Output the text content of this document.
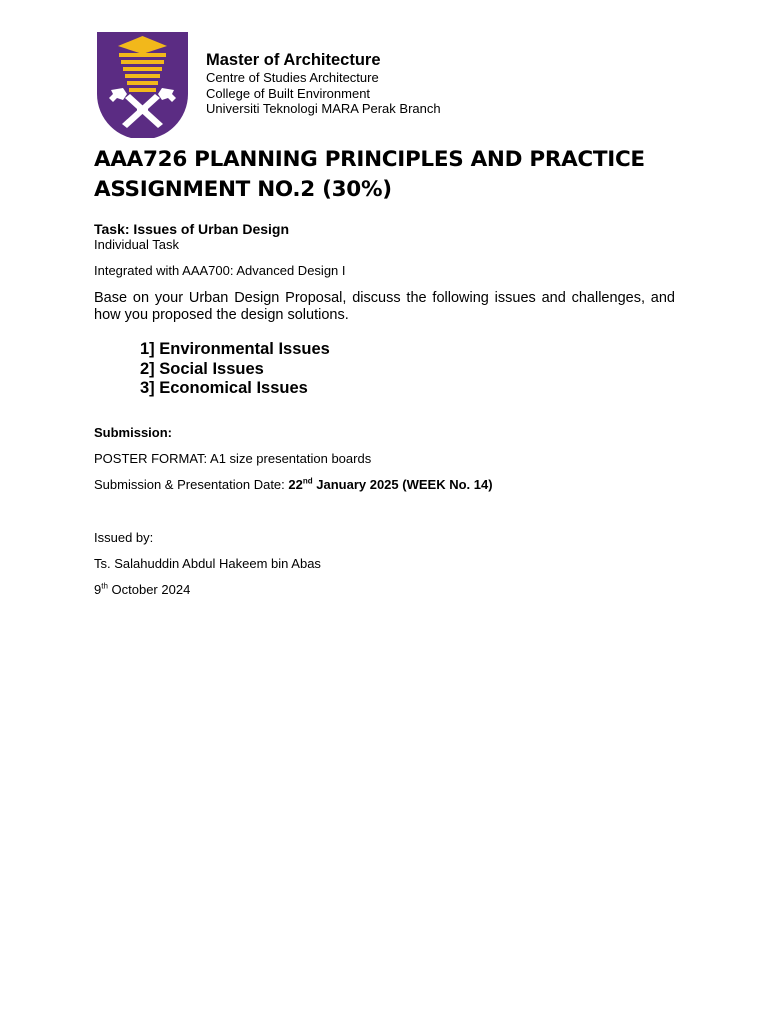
Master of Architecture
Centre of Studies Architecture
College of Built Environment
Universiti Teknologi MARA Perak Branch
AAA726 PLANNING PRINCIPLES AND PRACTICE
ASSIGNMENT NO.2 (30%)
Task: Issues of Urban Design
Individual Task
Integrated with AAA700: Advanced Design I
Base on your Urban Design Proposal, discuss the following issues and challenges, and how you proposed the design solutions.
1] Environmental Issues
2] Social Issues
3] Economical Issues
Submission:
POSTER FORMAT: A1 size presentation boards
Submission & Presentation Date: 22nd January 2025 (WEEK No. 14)
Issued by:
Ts. Salahuddin Abdul Hakeem bin Abas
9th October 2024
